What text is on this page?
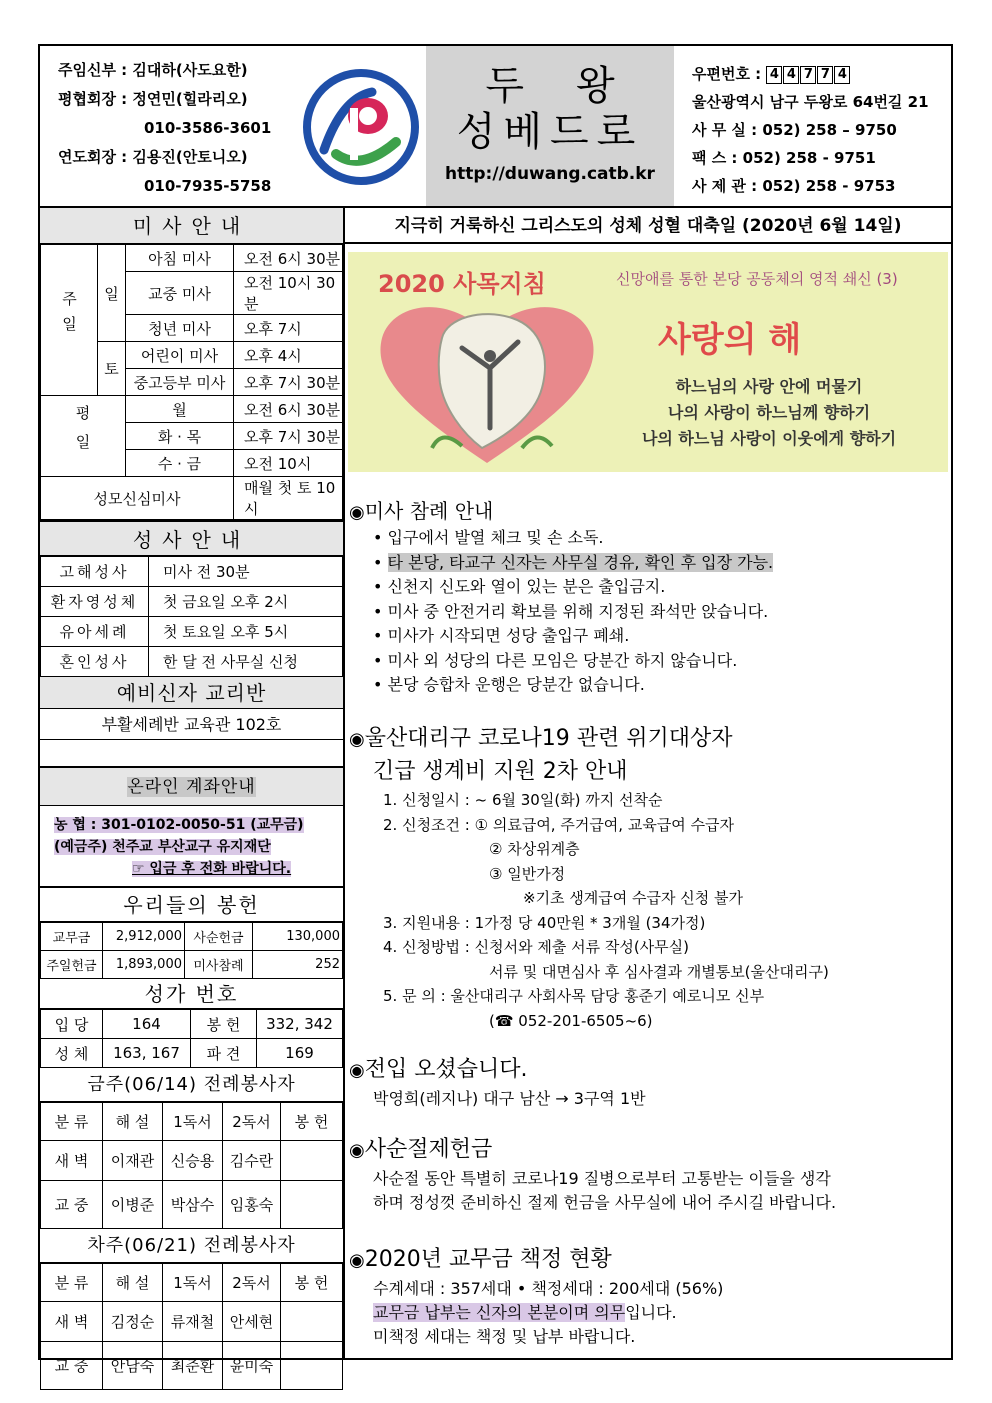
주임신부 : 김대하(사도요한)
평협회장 : 정연민(힐라리오)
010-3586-3601
연도회장 : 김용진(안토니오)
010-7935-5758
두왕
성베드로
http://duwang.catb.kr
우편번호 : 4 4 7 7 4
울산광역시 남구 두왕로 64번길 21
사 무 실 : 052) 258 – 9750
팩 스 : 052) 258 - 9751
사 제 관 : 052) 258 - 9753
미사안내
주일	일	아침 미사	오전 6시 30분
		교중 미사	오전 10시 30분
		청년 미사	오후 7시
	토	어린이 미사	오후 4시
		중고등부 미사	오후 7시 30분
평일		월	오전 6시 30분
		화 · 목	오후 7시 30분
		수 · 금	오전 10시
성모신심미사			매월 첫 토 10시
성사안내
고해성사	미사 전 30분
환자영성체	첫 금요일 오후 2시
유아세례	첫 토요일 오후 5시
혼인성사	한 달 전 사무실 신청
예비신자 교리반
부활세례반 교육관 102호
온라인 계좌안내
농 협 : 301-0102-0050-51 (교무금)
(예금주) 천주교 부산교구 유지재단
☞ 입금 후 전화 바랍니다.
우리들의 봉헌
교무금	2,912,000	사순헌금	130,000
주일헌금	1,893,000	미사참례	252
성가 번호
입 당	164	봉 헌	332, 342
성 체	163, 167	파 견	169
금주(06/14) 전례봉사자
분 류	해 설	1독서	2독서	봉 헌
새 벽	이재관	신승용	김수란	
교 중	이병준	박삼수	임홍숙	
차주(06/21) 전례봉사자
분 류	해 설	1독서	2독서	봉 헌
새 벽	김정순	류재철	안세현	
교 중	안남숙	최준환	윤미숙	
지극히 거룩하신 그리스도의 성체 성혈 대축일 (2020년 6월 14일)
2020 사목지침	신망애를 통한 본당 공동체의 영적 쇄신 (3)
사랑의 해
하느님의 사랑 안에 머물기
나의 사랑이 하느님께 향하기
나의 하느님 사랑이 이웃에게 향하기
◉미사 참례 안내
• 입구에서 발열 체크 및 손 소독.
• 타 본당, 타교구 신자는 사무실 경유, 확인 후 입장 가능.
• 신천지 신도와 열이 있는 분은 출입금지.
• 미사 중 안전거리 확보를 위해 지정된 좌석만 앉습니다.
• 미사가 시작되면 성당 출입구 폐쇄.
• 미사 외 성당의 다른 모임은 당분간 하지 않습니다.
• 본당 승합차 운행은 당분간 없습니다.
◉울산대리구 코로나19 관련 위기대상자
긴급 생계비 지원 2차 안내
1. 신청일시 : ~ 6월 30일(화) 까지 선착순
2. 신청조건 : ① 의료급여, 주거급여, 교육급여 수급자
② 차상위계층
③ 일반가정
※기초 생계급여 수급자 신청 불가
3. 지원내용 : 1가정 당 40만원 * 3개월 (34가정)
4. 신청방법 : 신청서와 제출 서류 작성(사무실)
서류 및 대면심사 후 심사결과 개별통보(울산대리구)
5. 문 의 : 울산대리구 사회사목 담당 홍준기 예로니모 신부
(☎ 052-201-6505~6)
◉전입 오셨습니다.
박영희(레지나) 대구 남산 → 3구역 1반
◉사순절제헌금
사순절 동안 특별히 코로나19 질병으로부터 고통받는 이들을 생각
하며 정성껏 준비하신 절제 헌금을 사무실에 내어 주시길 바랍니다.
◉2020년 교무금 책정 현황
수계세대 : 357세대 • 책정세대 : 200세대 (56%)
교무금 납부는 신자의 본분이며 의무입니다.
미책정 세대는 책정 및 납부 바랍니다.
